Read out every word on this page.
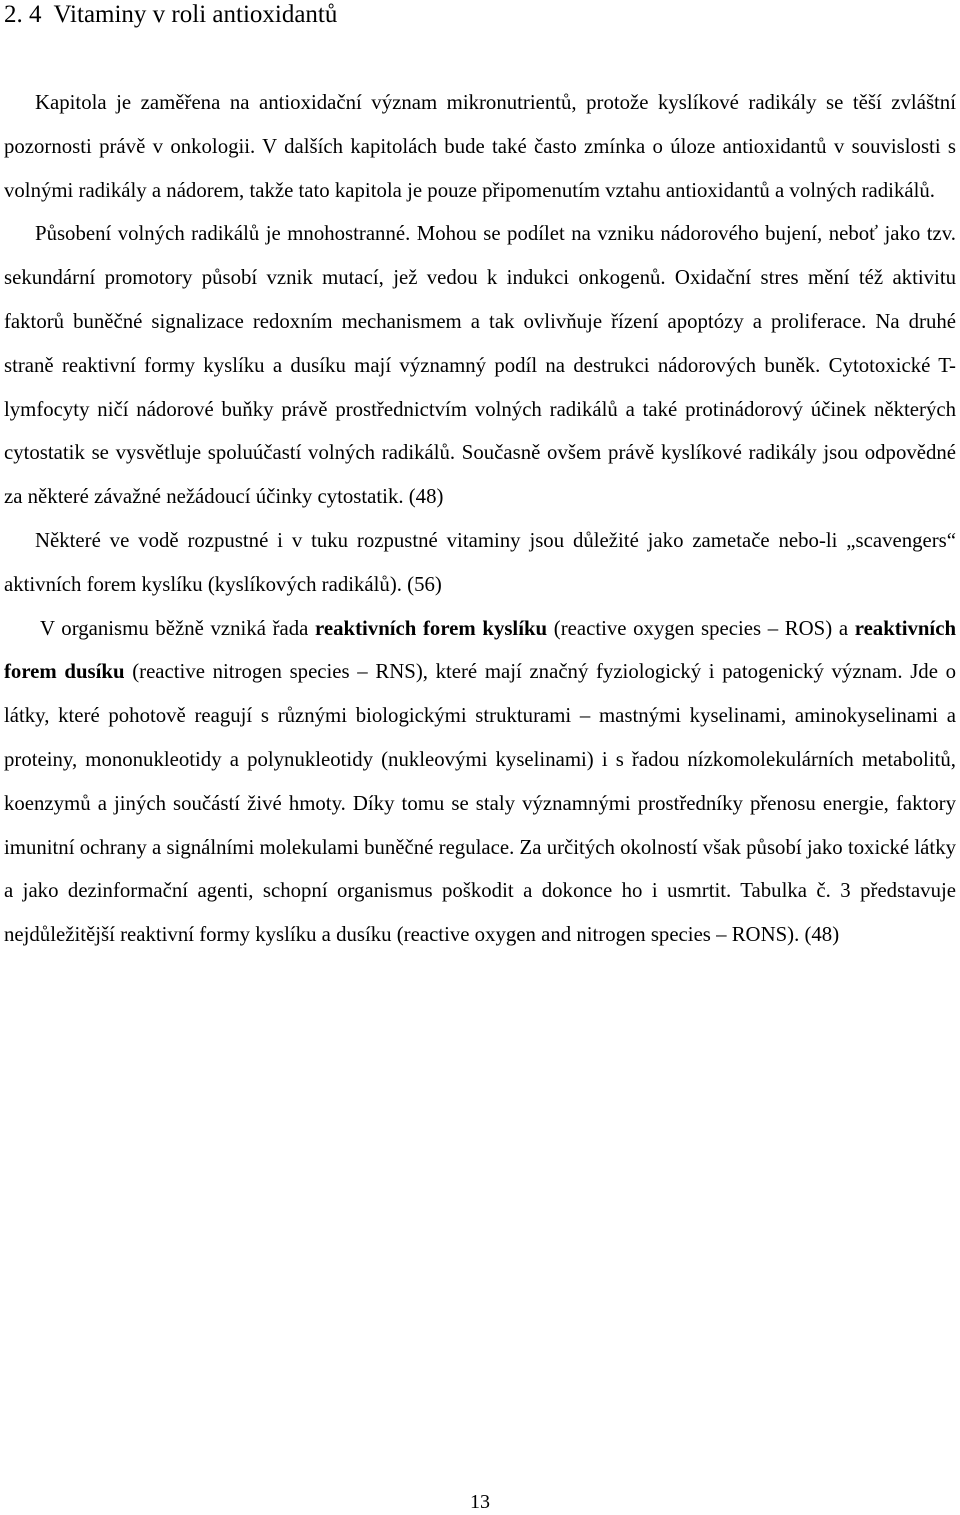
2. 4 Vitaminy v roli antioxidantů

Kapitola je zaměřena na antioxidační význam mikronutrientů, protože kyslíkové radikály se těší zvláštní pozornosti právě v onkologii. V dalších kapitolách bude také často zmínka o úloze antioxidantů v souvislosti s volnými radikály a nádorem, takže tato kapitola je pouze připomenutím vztahu antioxidantů a volných radikálů.

Působení volných radikálů je mnohostranné. Mohou se podílet na vzniku nádorového bujení, neboť jako tzv. sekundární promotory působí vznik mutací, jež vedou k indukci onkogenů. Oxidační stres mění též aktivitu faktorů buněčné signalizace redoxním mechanismem a tak ovlivňuje řízení apoptózy a proliferace. Na druhé straně reaktivní formy kyslíku a dusíku mají významný podíl na destrukci nádorových buněk. Cytotoxické T-lymfocyty ničí nádorové buňky právě prostřednictvím volných radikálů a také protinádorový účinek některých cytostatik se vysvětluje spoluúčastí volných radikálů. Současně ovšem právě kyslíkové radikály jsou odpovědné za některé závažné nežádoucí účinky cytostatik. (48)

Některé ve vodě rozpustné i v tuku rozpustné vitaminy jsou důležité jako zametače nebo-li „scavengers“ aktivních forem kyslíku (kyslíkových radikálů). (56)

V organismu běžně vzniká řada reaktivních forem kyslíku (reactive oxygen species – ROS) a reaktivních forem dusíku (reactive nitrogen species – RNS), které mají značný fyziologický i patogenický význam. Jde o látky, které pohotově reagují s různými biologickými strukturami – mastnými kyselinami, aminokyselinami a proteiny, mononukleotidy a polynukleotidy (nukleovými kyselinami) i s řadou nízkomolekulárních metabolitů, koenzymů a jiných součástí živé hmoty. Díky tomu se staly významnými prostředníky přenosu energie, faktory imunitní ochrany a signálními molekulami buněčné regulace. Za určitých okolností však působí jako toxické látky a jako dezinformační agenti, schopní organismus poškodit a dokonce ho i usmrtit. Tabulka č. 3 představuje nejdůležitější reaktivní formy kyslíku a dusíku (reactive oxygen and nitrogen species – RONS). (48)

13
